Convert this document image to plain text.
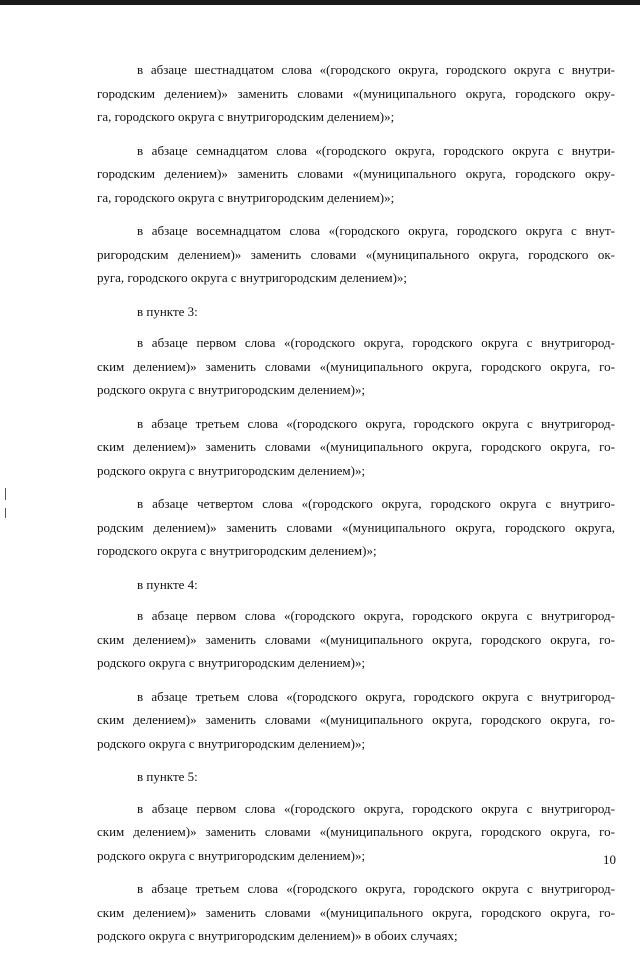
в абзаце шестнадцатом слова «(городского округа, городского округа с внутри-
городским делением)» заменить словами «(муниципального округа, городского окру-
га, городского округа с внутригородским делением)»;

в абзаце семнадцатом слова «(городского округа, городского округа с внутри-
городским делением)» заменить словами «(муниципального округа, городского окру-
га, городского округа с внутригородским делением)»;

в абзаце восемнадцатом слова «(городского округа, городского округа с внут-
ригородским делением)» заменить словами «(муниципального округа, городского ок-
руга, городского округа с внутригородским делением)»;

в пункте 3:

в абзаце первом слова «(городского округа, городского округа с внутригород-
ским делением)» заменить словами «(муниципального округа, городского округа, го-
родского округа с внутригородским делением)»;

в абзаце третьем слова «(городского округа, городского округа с внутригород-
ским делением)» заменить словами «(муниципального округа, городского округа, го-
родского округа с внутригородским делением)»;

в абзаце четвертом слова «(городского округа, городского округа с внутриго-
родским делением)» заменить словами «(муниципального округа, городского округа,
городского округа с внутригородским делением)»;

в пункте 4:

в абзаце первом слова «(городского округа, городского округа с внутригород-
ским делением)» заменить словами «(муниципального округа, городского округа, го-
родского округа с внутригородским делением)»;

в абзаце третьем слова «(городского округа, городского округа с внутригород-
ским делением)» заменить словами «(муниципального округа, городского округа, го-
родского округа с внутригородским делением)»;

в пункте 5:

в абзаце первом слова «(городского округа, городского округа с внутригород-
ским делением)» заменить словами «(муниципального округа, городского округа, го-
родского округа с внутригородским делением)»;

в абзаце третьем слова «(городского округа, городского округа с внутригород-
ским делением)» заменить словами «(муниципального округа, городского округа, го-
родского округа с внутригородским делением)» в обоих случаях;

10
